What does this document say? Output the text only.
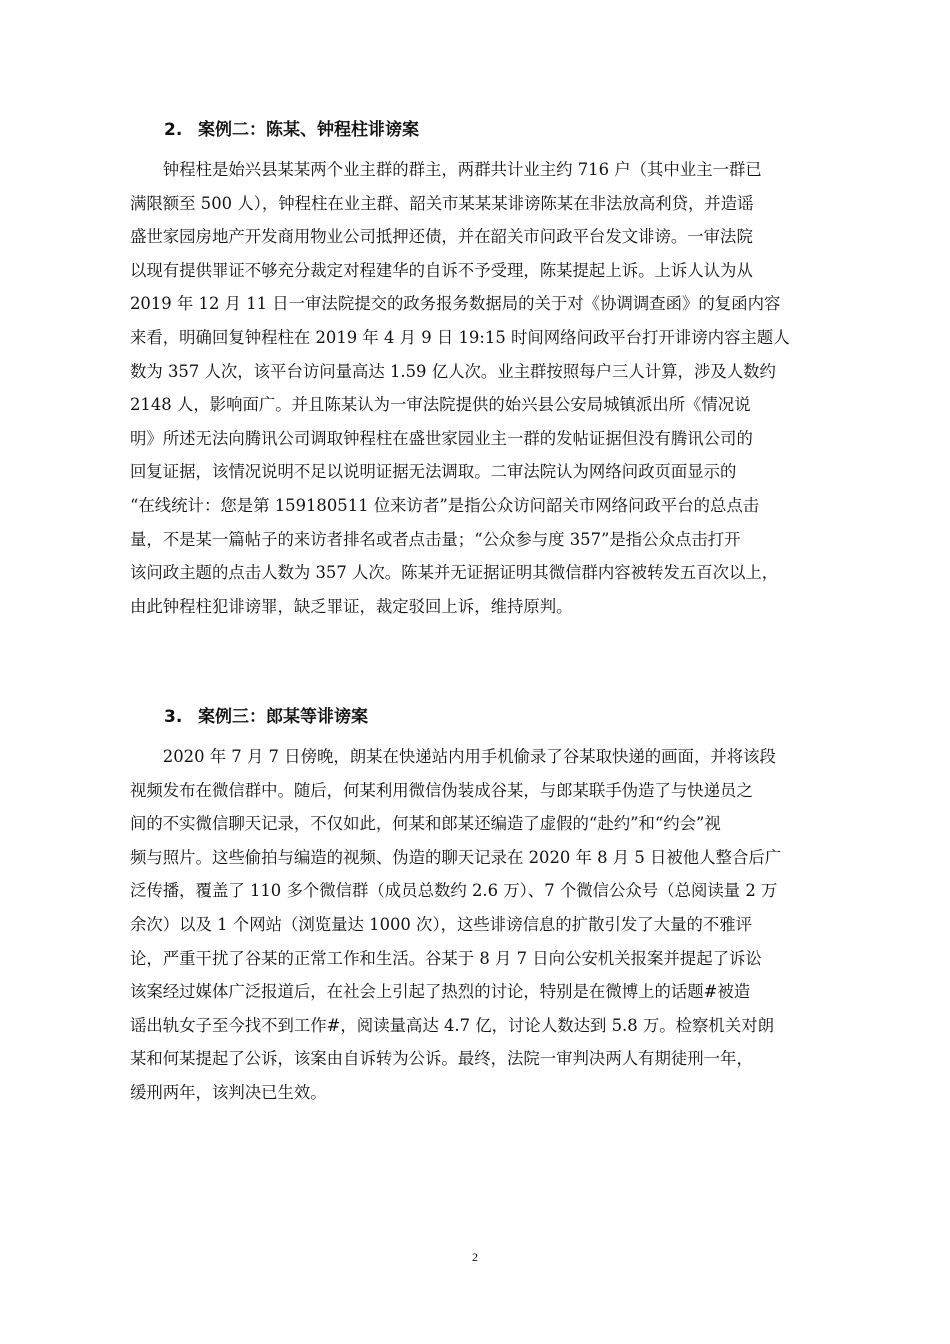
2. 案例二：陈某、钟程柱诽谤案
　　钟程柱是始兴县某某两个业主群的群主，两群共计业主约 716 户（其中业主一群已
满限额至 500 人），钟程柱在业主群、韶关市某某某诽谤陈某在非法放高利贷，并造谣
盛世家园房地产开发商用物业公司抵押还债，并在韶关市问政平台发文诽谤。一审法院
以现有提供罪证不够充分裁定对程建华的自诉不予受理，陈某提起上诉。上诉人认为从
2019 年 12 月 11 日一审法院提交的政务报务数据局的关于对《协调调查函》的复函内容
来看，明确回复钟程柱在 2019 年 4 月 9 日 19:15 时间网络问政平台打开诽谤内容主题人
数为 357 人次，该平台访问量高达 1.59 亿人次。业主群按照每户三人计算，涉及人数约
2148 人，影响面广。并且陈某认为一审法院提供的始兴县公安局城镇派出所《情况说
明》所述无法向腾讯公司调取钟程柱在盛世家园业主一群的发帖证据但没有腾讯公司的
回复证据，该情况说明不足以说明证据无法调取。二审法院认为网络问政页面显示的
“在线统计：您是第 159180511 位来访者”是指公众访问韶关市网络问政平台的总点击
量，不是某一篇帖子的来访者排名或者点击量；“公众参与度 357”是指公众点击打开
该问政主题的点击人数为 357 人次。陈某并无证据证明其微信群内容被转发五百次以上，
由此钟程柱犯诽谤罪，缺乏罪证，裁定驳回上诉，维持原判。
3. 案例三：郎某等诽谤案
　　2020 年 7 月 7 日傍晚，朗某在快递站内用手机偷录了谷某取快递的画面，并将该段
视频发布在微信群中。随后，何某利用微信伪装成谷某，与郎某联手伪造了与快递员之
间的不实微信聊天记录，不仅如此，何某和郎某还编造了虚假的“赴约”和“约会”视
频与照片。这些偷拍与编造的视频、伪造的聊天记录在 2020 年 8 月 5 日被他人整合后广
泛传播，覆盖了 110 多个微信群（成员总数约 2.6 万）、7 个微信公众号（总阅读量 2 万
余次）以及 1 个网站（浏览量达 1000 次），这些诽谤信息的扩散引发了大量的不雅评
论，严重干扰了谷某的正常工作和生活。谷某于 8 月 7 日向公安机关报案并提起了诉讼
该案经过媒体广泛报道后，在社会上引起了热烈的讨论，特别是在微博上的话题#被造
谣出轨女子至今找不到工作#，阅读量高达 4.7 亿，讨论人数达到 5.8 万。检察机关对朗
某和何某提起了公诉，该案由自诉转为公诉。最终，法院一审判决两人有期徒刑一年，
缓刑两年，该判决已生效。
2
